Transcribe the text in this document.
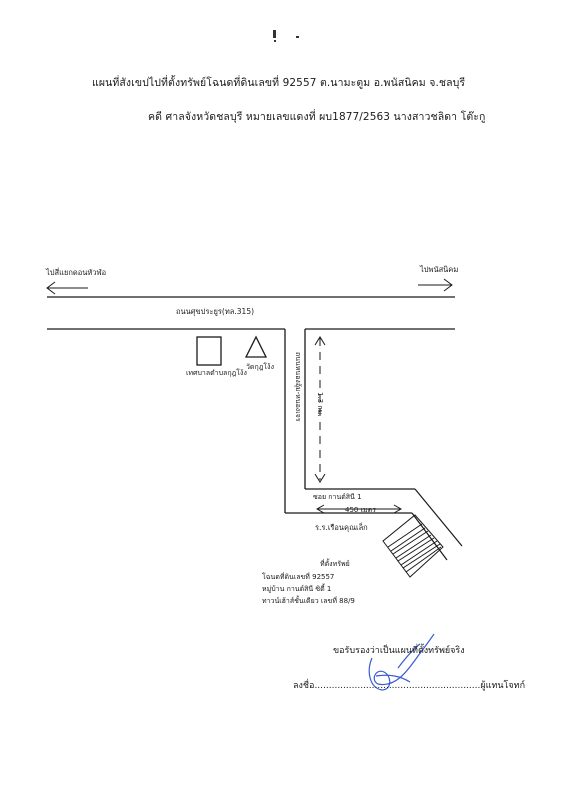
แผนที่สังเขปไปที่ตั้งทรัพย์โฉนดที่ดินเลขที่ 92557 ต.นามะตูม อ.พนัสนิคม จ.ชลบุรี
คดี ศาลจังหวัดชลบุรี หมายเลขแดงที่ ผบ1877/2563 นางสาวชลิดา โต๊ะกู
ไปสี่แยกดอนหัวฬ่อ	ไปพนัสนิคม
ถนนศุขประยูร(ทล.315)
เทศบาลตำบลกุฎโง้ง
วัดกุฎโง้ง	ถนนหนองอุ้ม-หนองเจร 1.3 กม.
ซอย กานต์สินี 1
450 เมตร
ร.ร.เรือนคุณเล็ก
ที่ตั้งทรัพย์
โฉนดที่ดินเลขที่ 92557
หมู่บ้าน กานต์สินี ซิตี้ 1
ทาวน์เฮ้าส์ชั้นเดียว เลขที่ 88/9
ขอรับรองว่าเป็นแผนที่ตั้งทรัพย์จริง
ลงชื่อ..........................................................ผู้แทนโจทก์
